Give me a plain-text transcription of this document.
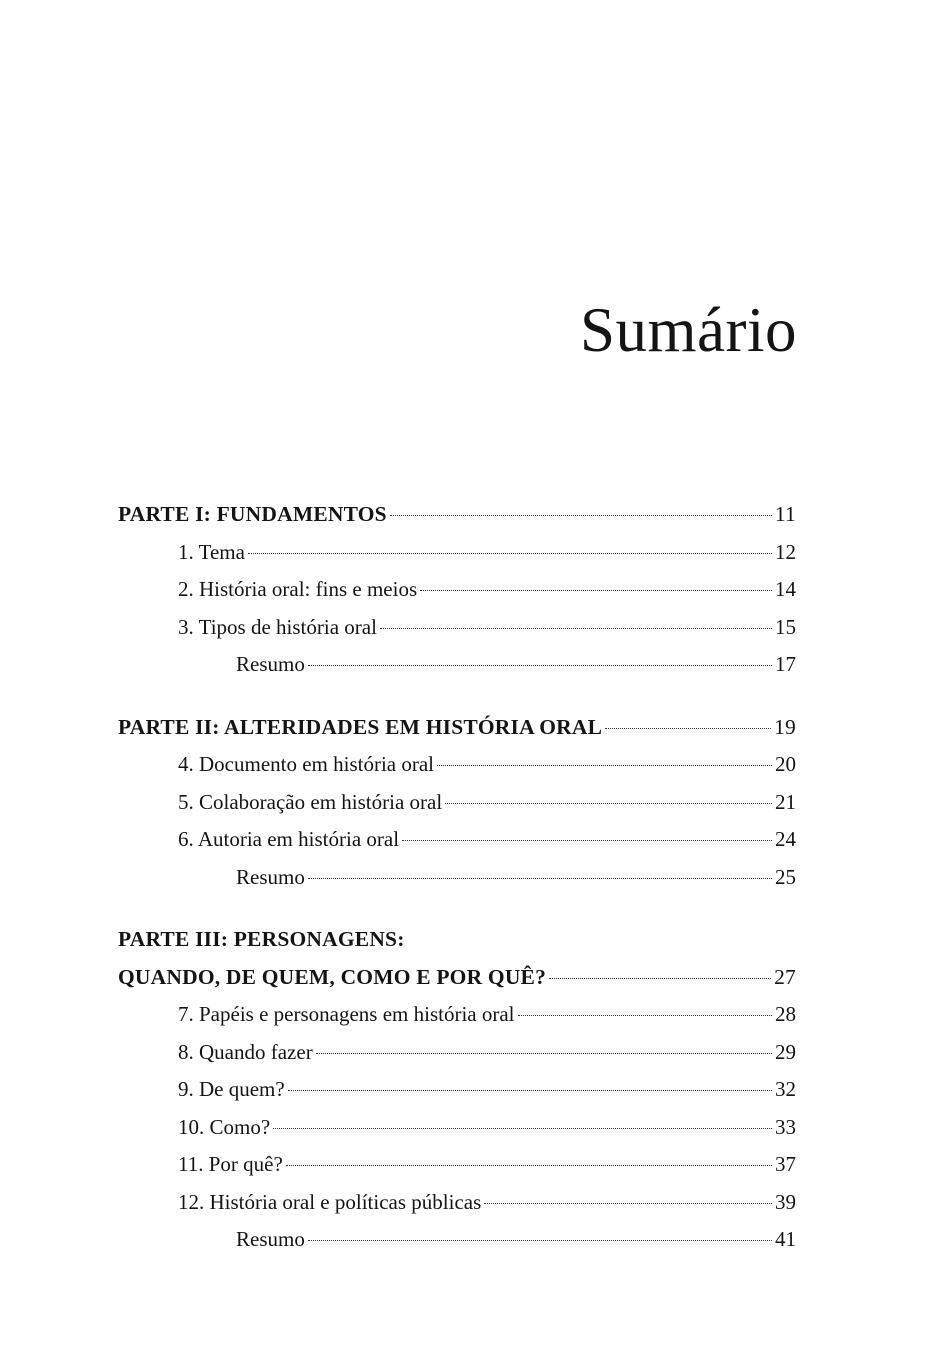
Sumário
PARTE I: FUNDAMENTOS	11
1. Tema	12
2. História oral: fins e meios	14
3. Tipos de história oral	15
Resumo	17
PARTE II: ALTERIDADES EM HISTÓRIA ORAL	19
4. Documento em história oral	20
5. Colaboração em história oral	21
6. Autoria em história oral	24
Resumo	25
PARTE III: PERSONAGENS:
QUANDO, DE QUEM, COMO E POR QUÊ?	27
7. Papéis e personagens em história oral	28
8. Quando fazer	29
9. De quem?	32
10. Como?	33
11. Por quê?	37
12. História oral e políticas públicas	39
Resumo	41
